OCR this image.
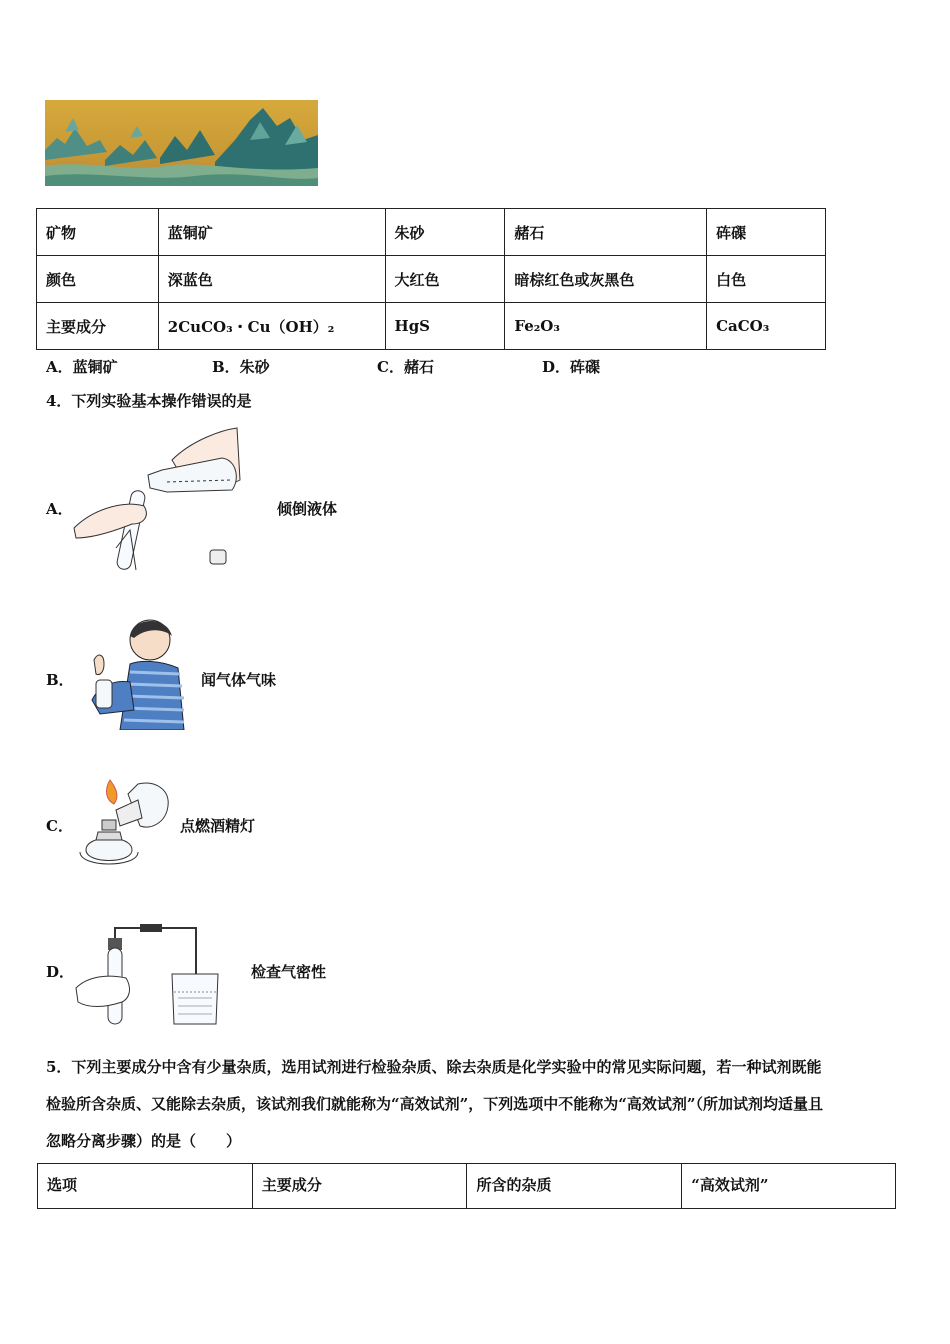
矿物	蓝铜矿	朱砂	赭石	砗磲
颜色	深蓝色	大红色	暗棕红色或灰黑色	白色
主要成分	2CuCO₃・Cu（OH）₂	HgS	Fe₂O₃	CaCO₃
A．蓝铜矿	B．朱砂	C．赭石	D．砗磲
4．下列实验基本操作错误的是
A．	倾倒液体
B．	闻气体气味
C．	点燃酒精灯
D．	检查气密性
5．下列主要成分中含有少量杂质，选用试剂进行检验杂质、除去杂质是化学实验中的常见实际问题，若一种试剂既能
检验所含杂质、又能除去杂质，该试剂我们就能称为“高效试剂”，下列选项中不能称为“高效试剂”（所加试剂均适量且
忽略分离步骤）的是（　　）
选项	主要成分	所含的杂质	“高效试剂”
